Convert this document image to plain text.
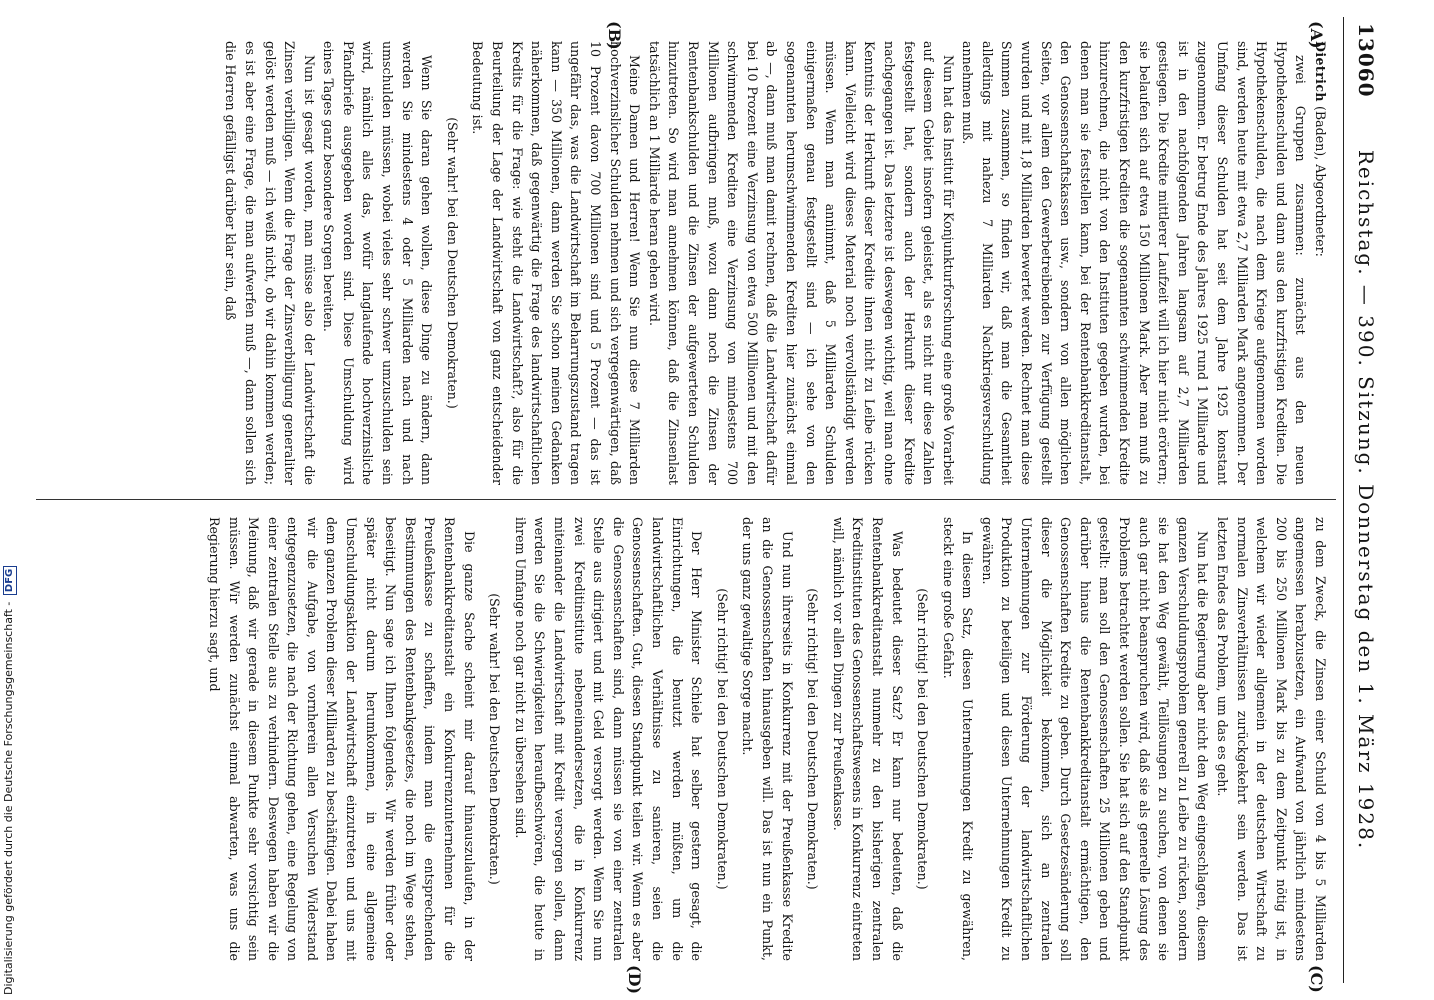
13060
Reichstag. — 390. Sitzung. Donnerstag den 1. März 1928.
(A)
(B)
(C)
(D)

Dietrich (Baden), Abgeordneter:

zwei Gruppen zusammen: zunächst aus den neuen Hypothekenschulden und dann aus den kurzfristigen Krediten. Die Hypothekenschulden, die nach dem Kriege aufgenommen worden sind, werden heute mit etwa 2,7 Milliarden Mark angenommen. Der Umfang dieser Schulden hat seit dem Jahre 1925 konstant zugenommen. Er betrug Ende des Jahres 1925 rund 1 Milliarde und ist in den nachfolgenden Jahren langsam auf 2,7 Milliarden gestiegen. Die Kredite mittlerer Laufzeit will ich hier nicht erörtern; sie belaufen sich auf etwa 150 Millionen Mark. Aber man muß zu den kurzfristigen Krediten die sogenannten schwimmenden Kredite hinzurechnen, die nicht von den Instituten gegeben wurden, bei denen man sie feststellen kann, bei der Rentenbankkreditanstalt, den Genossenschaftskassen usw., sondern von allen möglichen Seiten, vor allem den Gewerbetreibenden zur Verfügung gestellt wurden und mit 1,8 Milliarden bewertet werden. Rechnet man diese Summen zusammen, so finden wir, daß man die Gesamtheit allerdings mit nahezu 7 Milliarden Nachkriegsverschuldung annehmen muß.

Nun hat das Institut für Konjunkturforschung eine große Vorarbeit auf diesem Gebiet insofern geleistet, als es nicht nur diese Zahlen festgestellt hat, sondern auch der Herkunft dieser Kredite nachgegangen ist. Das letztere ist deswegen wichtig, weil man ohne Kenntnis der Herkunft dieser Kredite ihnen nicht zu Leibe rücken kann. Vielleicht wird dieses Material noch vervollständigt werden müssen. Wenn man annimmt, daß 5 Milliarden Schulden einigermaßen genau festgestellt sind — ich sehe von den sogenannten herumschwimmenden Krediten hier zunächst einmal ab —, dann muß man damit rechnen, daß die Landwirtschaft dafür bei 10 Prozent eine Verzinsung von etwa 500 Millionen und mit den schwimmenden Krediten eine Verzinsung von mindestens 700 Millionen aufbringen muß, wozu dann noch die Zinsen der Rentenbankschulden und die Zinsen der aufgewerteten Schulden hinzutreten. So wird man annehmen können, daß die Zinsenlast tatsächlich an 1 Milliarde heran gehen wird.

Meine Damen und Herren! Wenn Sie nun diese 7 Milliarden hochverzinslicher Schulden nehmen und sich vergegenwärtigen, daß 10 Prozent davon 700 Millionen sind und 5 Prozent — das ist ungefähr das, was die Landwirtschaft im Beharrungszustand tragen kann — 350 Millionen, dann werden Sie schon meinen Gedanken näherkommen, daß gegenwärtig die Frage des landwirtschaftlichen Kredits für die Frage: wie steht die Landwirtschaft?, also für die Beurteilung der Lage der Landwirtschaft von ganz entscheidender Bedeutung ist.

(Sehr wahr! bei den Deutschen Demokraten.)

Wenn Sie daran gehen wollen, diese Dinge zu ändern, dann werden Sie mindestens 4 oder 5 Milliarden nach und nach umschulden müssen, wobei vieles sehr schwer umzuschulden sein wird, nämlich alles das, wofür langlaufende hochverzinsliche Pfandbriefe ausgegeben worden sind. Diese Umschuldung wird eines Tages ganz besondere Sorgen bereiten.

Nun ist gesagt worden, man müsse also der Landwirtschaft die Zinsen verbilligen. Wenn die Frage der Zinsverbilligung generaliter gelöst werden muß — ich weiß nicht, ob wir dahin kommen werden; es ist aber eine Frage, die man aufwerfen muß —, dann sollen sich die Herren gefälligst darüber klar sein, daß

zu dem Zweck, die Zinsen einer Schuld von 4 bis 5 Milliarden angemessen herabzusetzen, ein Aufwand von jährlich mindestens 200 bis 250 Millionen Mark bis zu dem Zeitpunkt nötig ist, in welchem wir wieder allgemein in der deutschen Wirtschaft zu normalen Zinsverhältnissen zurückgekehrt sein werden. Das ist letzten Endes das Problem, um das es geht.

Nun hat die Regierung aber nicht den Weg eingeschlagen, diesem ganzen Verschuldungsproblem generell zu Leibe zu rücken, sondern sie hat den Weg gewählt, Teillösungen zu suchen, von denen sie auch gar nicht beanspruchen wird, daß sie als generelle Lösung des Problems betrachtet werden sollen. Sie hat sich auf den Standpunkt gestellt: man soll den Genossenschaften 25 Millionen geben und darüber hinaus die Rentenbankkreditanstalt ermächtigen, den Genossenschaften Kredite zu geben. Durch Gesetzesänderung soll dieser die Möglichkeit bekommen, sich an zentralen Unternehmungen zur Förderung der landwirtschaftlichen Produktion zu beteiligen und diesen Unternehmungen Kredit zu gewähren.

In diesem Satz, diesen Unternehmungen Kredit zu gewähren, steckt eine große Gefahr.

(Sehr richtig! bei den Deutschen Demokraten.)

Was bedeutet dieser Satz? Er kann nur bedeuten, daß die Rentenbankkreditanstalt nunmehr zu den bisherigen zentralen Kreditinstituten des Genossenschaftswesens in Konkurrenz eintreten will, nämlich vor allen Dingen zur Preußenkasse.

(Sehr richtig! bei den Deutschen Demokraten.)

Und nun ihrerseits in Konkurrenz mit der Preußenkasse Kredite an die Genossenschaften hinausgeben will. Das ist nun ein Punkt, der uns ganz gewaltige Sorge macht.

(Sehr richtig! bei den Deutschen Demokraten.)

Der Herr Minister Schiele hat selber gestern gesagt, die Einrichtungen, die benutzt werden müßten, um die landwirtschaftlichen Verhältnisse zu sanieren, seien die Genossenschaften. Gut, diesen Standpunkt teilen wir. Wenn es aber die Genossenschaften sind, dann müssen sie von einer zentralen Stelle aus dirigiert und mit Geld versorgt werden. Wenn Sie nun zwei Kreditinstitute nebeneinandersetzen, die in Konkurrenz miteinander die Landwirtschaft mit Kredit versorgen sollen, dann werden Sie die Schwierigkeiten heraufbeschwören, die heute in ihrem Umfange noch gar nicht zu übersehen sind.

(Sehr wahr! bei den Deutschen Demokraten.)

Die ganze Sache scheint mir darauf hinauszulaufen, in der Rentenbankkreditanstalt ein Konkurrenzunternehmen für die Preußenkasse zu schaffen, indem man die entsprechenden Bestimmungen des Rentenbankgesetzes, die noch im Wege stehen, beseitigt. Nun sage ich Ihnen folgendes. Wir werden früher oder später nicht darum herumkommen, in eine allgemeine Umschuldungsaktion der Landwirtschaft einzutreten und uns mit dem ganzen Problem dieser Milliarden zu beschäftigen. Dabei haben wir die Aufgabe, von vornherein allen Versuchen Widerstand entgegenzusetzen, die nach der Richtung gehen, eine Regelung von einer zentralen Stelle aus zu verhindern. Deswegen haben wir die Meinung, daß wir gerade in diesem Punkte sehr vorsichtig sein müssen. Wir werden zunächst einmal abwarten, was uns die Regierung hierzu sagt, und

Digitalisierung gefördert durch die Deutsche Forschungsgemeinschaft - DFG
